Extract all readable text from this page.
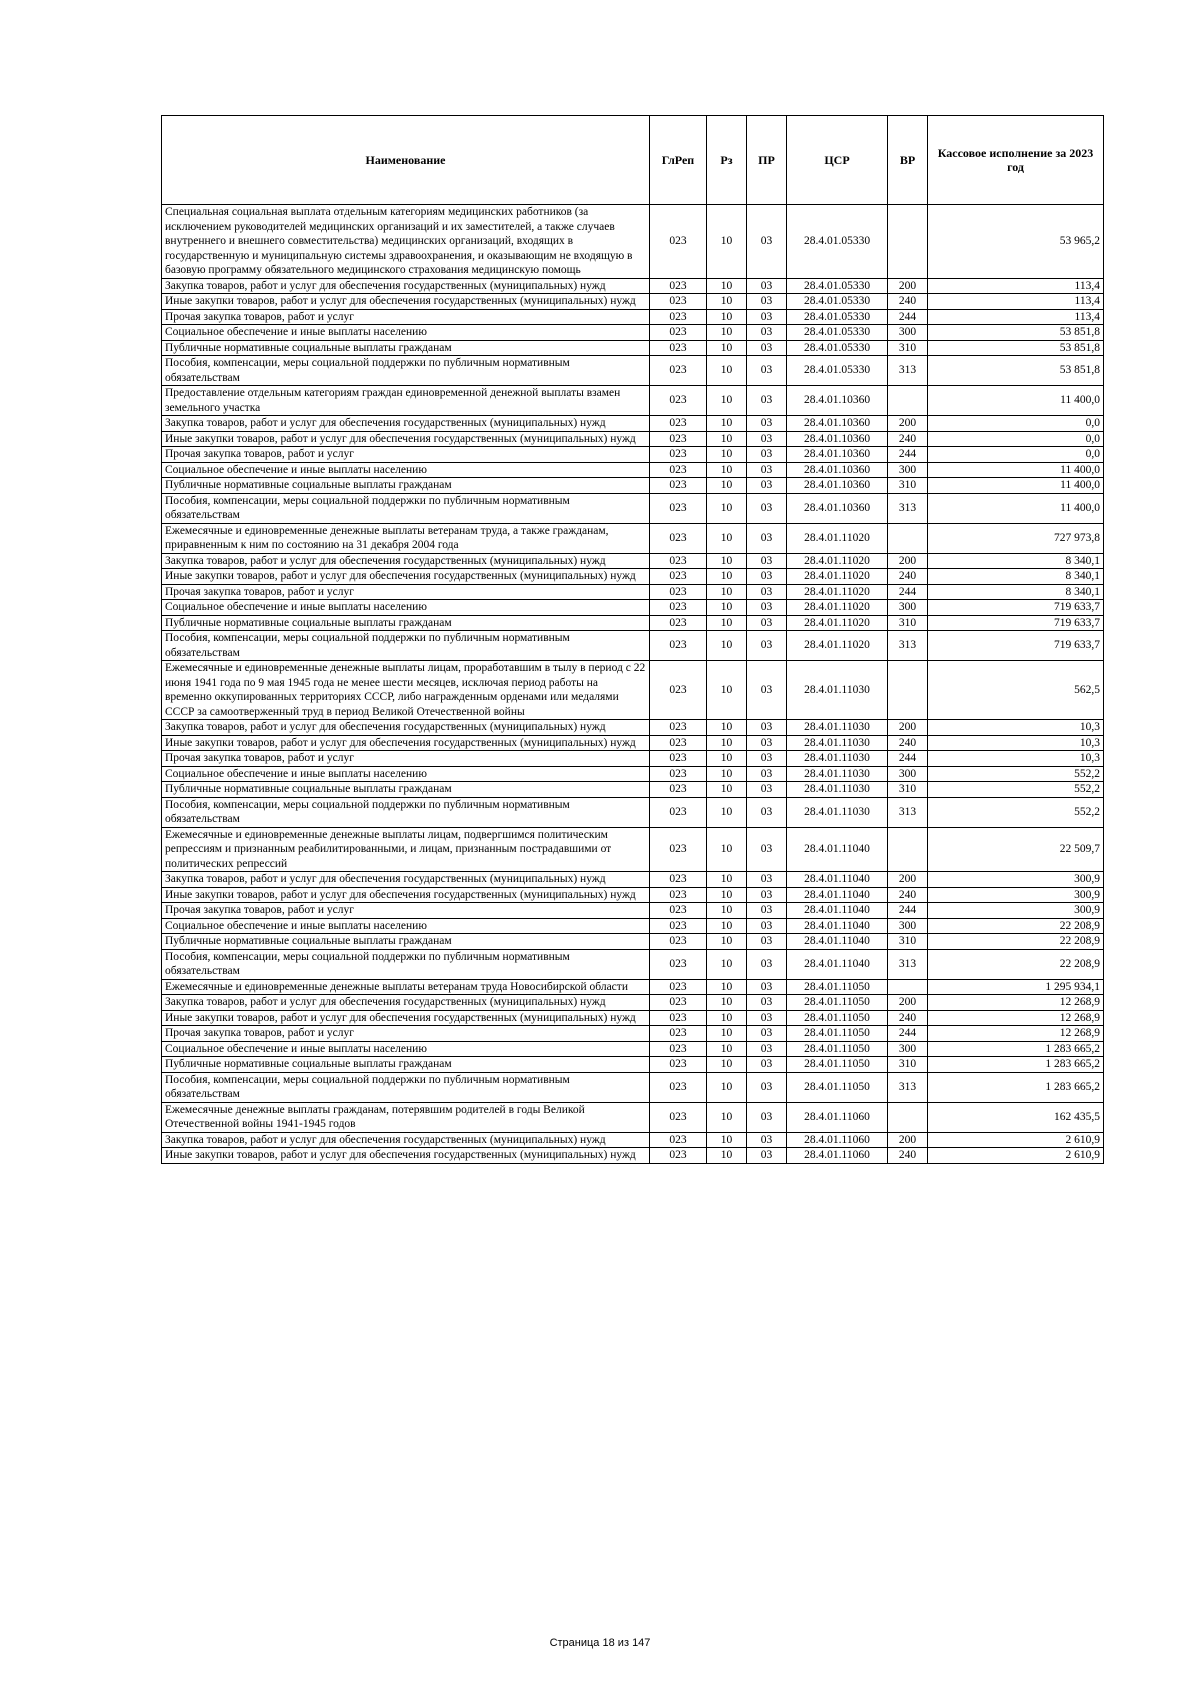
Наименование	ГлРеп	Рз	ПР	ЦСР	ВР	Кассовое исполнение за 2023 год
Специальная социальная выплата отдельным категориям медицинских работников (за исключением руководителей медицинских организаций и их заместителей, а также случаев внутреннего и внешнего совместительства) медицинских организаций, входящих в государственную и муниципальную системы здравоохранения, и оказывающим не входящую в базовую программу обязательного медицинского страхования медицинскую помощь	023	10	03	28.4.01.05330		53 965,2
Закупка товаров, работ и услуг для обеспечения государственных (муниципальных) нужд	023	10	03	28.4.01.05330	200	113,4
Иные закупки товаров, работ и услуг для обеспечения государственных (муниципальных) нужд	023	10	03	28.4.01.05330	240	113,4
Прочая закупка товаров, работ и услуг	023	10	03	28.4.01.05330	244	113,4
Социальное обеспечение и иные выплаты населению	023	10	03	28.4.01.05330	300	53 851,8
Публичные нормативные социальные выплаты гражданам	023	10	03	28.4.01.05330	310	53 851,8
Пособия, компенсации, меры социальной поддержки по публичным нормативным обязательствам	023	10	03	28.4.01.05330	313	53 851,8
Предоставление отдельным категориям граждан единовременной денежной выплаты взамен земельного участка	023	10	03	28.4.01.10360		11 400,0
Закупка товаров, работ и услуг для обеспечения государственных (муниципальных) нужд	023	10	03	28.4.01.10360	200	0,0
Иные закупки товаров, работ и услуг для обеспечения государственных (муниципальных) нужд	023	10	03	28.4.01.10360	240	0,0
Прочая закупка товаров, работ и услуг	023	10	03	28.4.01.10360	244	0,0
Социальное обеспечение и иные выплаты населению	023	10	03	28.4.01.10360	300	11 400,0
Публичные нормативные социальные выплаты гражданам	023	10	03	28.4.01.10360	310	11 400,0
Пособия, компенсации, меры социальной поддержки по публичным нормативным обязательствам	023	10	03	28.4.01.10360	313	11 400,0
Ежемесячные и единовременные денежные выплаты ветеранам труда, а также гражданам, приравненным к ним по состоянию на 31 декабря 2004 года	023	10	03	28.4.01.11020		727 973,8
Закупка товаров, работ и услуг для обеспечения государственных (муниципальных) нужд	023	10	03	28.4.01.11020	200	8 340,1
Иные закупки товаров, работ и услуг для обеспечения государственных (муниципальных) нужд	023	10	03	28.4.01.11020	240	8 340,1
Прочая закупка товаров, работ и услуг	023	10	03	28.4.01.11020	244	8 340,1
Социальное обеспечение и иные выплаты населению	023	10	03	28.4.01.11020	300	719 633,7
Публичные нормативные социальные выплаты гражданам	023	10	03	28.4.01.11020	310	719 633,7
Пособия, компенсации, меры социальной поддержки по публичным нормативным обязательствам	023	10	03	28.4.01.11020	313	719 633,7
Ежемесячные и единовременные денежные выплаты лицам, проработавшим в тылу в период с 22 июня 1941 года по 9 мая 1945 года не менее шести месяцев, исключая период работы на временно оккупированных территориях СССР, либо награжденным орденами или медалями СССР за самоотверженный труд в период Великой Отечественной войны	023	10	03	28.4.01.11030		562,5
Закупка товаров, работ и услуг для обеспечения государственных (муниципальных) нужд	023	10	03	28.4.01.11030	200	10,3
Иные закупки товаров, работ и услуг для обеспечения государственных (муниципальных) нужд	023	10	03	28.4.01.11030	240	10,3
Прочая закупка товаров, работ и услуг	023	10	03	28.4.01.11030	244	10,3
Социальное обеспечение и иные выплаты населению	023	10	03	28.4.01.11030	300	552,2
Публичные нормативные социальные выплаты гражданам	023	10	03	28.4.01.11030	310	552,2
Пособия, компенсации, меры социальной поддержки по публичным нормативным обязательствам	023	10	03	28.4.01.11030	313	552,2
Ежемесячные и единовременные денежные выплаты лицам, подвергшимся политическим репрессиям и признанным реабилитированными, и лицам, признанным пострадавшими от политических репрессий	023	10	03	28.4.01.11040		22 509,7
Закупка товаров, работ и услуг для обеспечения государственных (муниципальных) нужд	023	10	03	28.4.01.11040	200	300,9
Иные закупки товаров, работ и услуг для обеспечения государственных (муниципальных) нужд	023	10	03	28.4.01.11040	240	300,9
Прочая закупка товаров, работ и услуг	023	10	03	28.4.01.11040	244	300,9
Социальное обеспечение и иные выплаты населению	023	10	03	28.4.01.11040	300	22 208,9
Публичные нормативные социальные выплаты гражданам	023	10	03	28.4.01.11040	310	22 208,9
Пособия, компенсации, меры социальной поддержки по публичным нормативным обязательствам	023	10	03	28.4.01.11040	313	22 208,9
Ежемесячные и единовременные денежные выплаты ветеранам труда Новосибирской области	023	10	03	28.4.01.11050		1 295 934,1
Закупка товаров, работ и услуг для обеспечения государственных (муниципальных) нужд	023	10	03	28.4.01.11050	200	12 268,9
Иные закупки товаров, работ и услуг для обеспечения государственных (муниципальных) нужд	023	10	03	28.4.01.11050	240	12 268,9
Прочая закупка товаров, работ и услуг	023	10	03	28.4.01.11050	244	12 268,9
Социальное обеспечение и иные выплаты населению	023	10	03	28.4.01.11050	300	1 283 665,2
Публичные нормативные социальные выплаты гражданам	023	10	03	28.4.01.11050	310	1 283 665,2
Пособия, компенсации, меры социальной поддержки по публичным нормативным обязательствам	023	10	03	28.4.01.11050	313	1 283 665,2
Ежемесячные денежные выплаты гражданам, потерявшим родителей в годы Великой Отечественной войны 1941-1945 годов	023	10	03	28.4.01.11060		162 435,5
Закупка товаров, работ и услуг для обеспечения государственных (муниципальных) нужд	023	10	03	28.4.01.11060	200	2 610,9
Иные закупки товаров, работ и услуг для обеспечения государственных (муниципальных) нужд	023	10	03	28.4.01.11060	240	2 610,9
Страница 18 из 147
